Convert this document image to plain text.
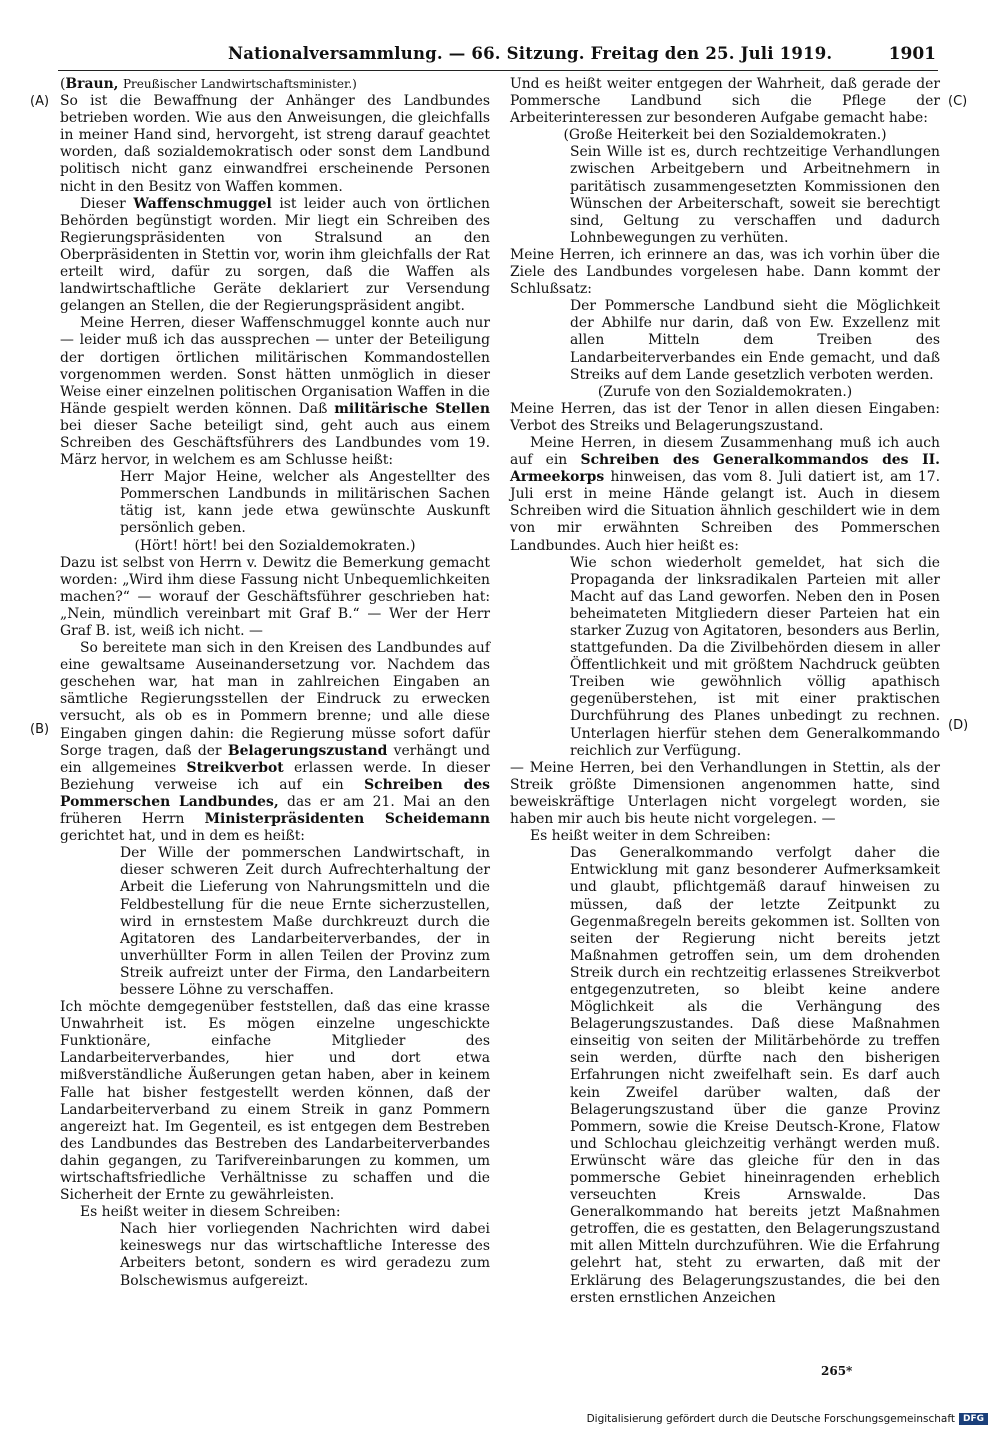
Nationalversammlung. — 66. Sitzung. Freitag den 25. Juli 1919.	1901
(A)
(B)
(C)
(D)

(Braun, Preußischer Landwirtschaftsminister.)

So ist die Bewaffnung der Anhänger des Landbundes betrieben worden. Wie aus den Anweisungen, die gleichfalls in meiner Hand sind, hervorgeht, ist streng darauf geachtet worden, daß sozialdemokratisch oder sonst dem Landbund politisch nicht ganz einwandfrei erscheinende Personen nicht in den Besitz von Waffen kommen.

Dieser Waffenschmuggel ist leider auch von örtlichen Behörden begünstigt worden. Mir liegt ein Schreiben des Regierungspräsidenten von Stralsund an den Oberpräsidenten in Stettin vor, worin ihm gleichfalls der Rat erteilt wird, dafür zu sorgen, daß die Waffen als landwirtschaftliche Geräte deklariert zur Versendung gelangen an Stellen, die der Regierungspräsident angibt.

Meine Herren, dieser Waffenschmuggel konnte auch nur — leider muß ich das aussprechen — unter der Beteiligung der dortigen örtlichen militärischen Kommandostellen vorgenommen werden. Sonst hätten unmöglich in dieser Weise einer einzelnen politischen Organisation Waffen in die Hände gespielt werden können. Daß militärische Stellen bei dieser Sache beteiligt sind, geht auch aus einem Schreiben des Geschäftsführers des Landbundes vom 19. März hervor, in welchem es am Schlusse heißt:

Herr Major Heine, welcher als Angestellter des Pommerschen Landbunds in militärischen Sachen tätig ist, kann jede etwa gewünschte Auskunft persönlich geben.

(Hört! hört! bei den Sozialdemokraten.)

Dazu ist selbst von Herrn v. Dewitz die Bemerkung gemacht worden: „Wird ihm diese Fassung nicht Unbequemlichkeiten machen?“ — worauf der Geschäftsführer geschrieben hat: „Nein, mündlich vereinbart mit Graf B.“ — Wer der Herr Graf B. ist, weiß ich nicht. —

So bereitete man sich in den Kreisen des Landbundes auf eine gewaltsame Auseinandersetzung vor. Nachdem das geschehen war, hat man in zahlreichen Eingaben an sämtliche Regierungsstellen der Eindruck zu erwecken versucht, als ob es in Pommern brenne; und alle diese Eingaben gingen dahin: die Regierung müsse sofort dafür Sorge tragen, daß der Belagerungszustand verhängt und ein allgemeines Streikverbot erlassen werde. In dieser Beziehung verweise ich auf ein Schreiben des Pommerschen Landbundes, das er am 21. Mai an den früheren Herrn Ministerpräsidenten Scheidemann gerichtet hat, und in dem es heißt:

Der Wille der pommerschen Landwirtschaft, in dieser schweren Zeit durch Aufrechterhaltung der Arbeit die Lieferung von Nahrungsmitteln und die Feldbestellung für die neue Ernte sicherzustellen, wird in ernstestem Maße durchkreuzt durch die Agitatoren des Landarbeiterverbandes, der in unverhüllter Form in allen Teilen der Provinz zum Streik aufreizt unter der Firma, den Landarbeitern bessere Löhne zu verschaffen.

Ich möchte demgegenüber feststellen, daß das eine krasse Unwahrheit ist. Es mögen einzelne ungeschickte Funktionäre, einfache Mitglieder des Landarbeiterverbandes, hier und dort etwa mißverständliche Äußerungen getan haben, aber in keinem Falle hat bisher festgestellt werden können, daß der Landarbeiterverband zu einem Streik in ganz Pommern angereizt hat. Im Gegenteil, es ist entgegen dem Bestreben des Landbundes das Bestreben des Landarbeiterverbandes dahin gegangen, zu Tarifvereinbarungen zu kommen, um wirtschaftsfriedliche Verhältnisse zu schaffen und die Sicherheit der Ernte zu gewährleisten.

Es heißt weiter in diesem Schreiben:

Nach hier vorliegenden Nachrichten wird dabei keineswegs nur das wirtschaftliche Interesse des Arbeiters betont, sondern es wird geradezu zum Bolschewismus aufgereizt.

Und es heißt weiter entgegen der Wahrheit, daß gerade der Pommersche Landbund sich die Pflege der Arbeiterinteressen zur besonderen Aufgabe gemacht habe:

(Große Heiterkeit bei den Sozialdemokraten.)

Sein Wille ist es, durch rechtzeitige Verhandlungen zwischen Arbeitgebern und Arbeitnehmern in paritätisch zusammengesetzten Kommissionen den Wünschen der Arbeiterschaft, soweit sie berechtigt sind, Geltung zu verschaffen und dadurch Lohnbewegungen zu verhüten.

Meine Herren, ich erinnere an das, was ich vorhin über die Ziele des Landbundes vorgelesen habe. Dann kommt der Schlußsatz:

Der Pommersche Landbund sieht die Möglichkeit der Abhilfe nur darin, daß von Ew. Exzellenz mit allen Mitteln dem Treiben des Landarbeiterverbandes ein Ende gemacht, und daß Streiks auf dem Lande gesetzlich verboten werden.

(Zurufe von den Sozialdemokraten.)

Meine Herren, das ist der Tenor in allen diesen Eingaben: Verbot des Streiks und Belagerungszustand.

Meine Herren, in diesem Zusammenhang muß ich auch auf ein Schreiben des Generalkommandos des II. Armeekorps hinweisen, das vom 8. Juli datiert ist, am 17. Juli erst in meine Hände gelangt ist. Auch in diesem Schreiben wird die Situation ähnlich geschildert wie in dem von mir erwähnten Schreiben des Pommerschen Landbundes. Auch hier heißt es:

Wie schon wiederholt gemeldet, hat sich die Propaganda der linksradikalen Parteien mit aller Macht auf das Land geworfen. Neben den in Posen beheimateten Mitgliedern dieser Parteien hat ein starker Zuzug von Agitatoren, besonders aus Berlin, stattgefunden. Da die Zivilbehörden diesem in aller Öffentlichkeit und mit größtem Nachdruck geübten Treiben wie gewöhnlich völlig apathisch gegenüberstehen, ist mit einer praktischen Durchführung des Planes unbedingt zu rechnen. Unterlagen hierfür stehen dem Generalkommando reichlich zur Verfügung.

— Meine Herren, bei den Verhandlungen in Stettin, als der Streik größte Dimensionen angenommen hatte, sind beweiskräftige Unterlagen nicht vorgelegt worden, sie haben mir auch bis heute nicht vorgelegen. —

Es heißt weiter in dem Schreiben:

Das Generalkommando verfolgt daher die Entwicklung mit ganz besonderer Aufmerksamkeit und glaubt, pflichtgemäß darauf hinweisen zu müssen, daß der letzte Zeitpunkt zu Gegenmaßregeln bereits gekommen ist. Sollten von seiten der Regierung nicht bereits jetzt Maßnahmen getroffen sein, um dem drohenden Streik durch ein rechtzeitig erlassenes Streikverbot entgegenzutreten, so bleibt keine andere Möglichkeit als die Verhängung des Belagerungszustandes. Daß diese Maßnahmen einseitig von seiten der Militärbehörde zu treffen sein werden, dürfte nach den bisherigen Erfahrungen nicht zweifelhaft sein. Es darf auch kein Zweifel darüber walten, daß der Belagerungszustand über die ganze Provinz Pommern, sowie die Kreise Deutsch-Krone, Flatow und Schlochau gleichzeitig verhängt werden muß. Erwünscht wäre das gleiche für den in das pommersche Gebiet hineinragenden erheblich verseuchten Kreis Arnswalde. Das Generalkommando hat bereits jetzt Maßnahmen getroffen, die es gestatten, den Belagerungszustand mit allen Mitteln durchzuführen. Wie die Erfahrung gelehrt hat, steht zu erwarten, daß mit der Erklärung des Belagerungszustandes, die bei den ersten ernstlichen Anzeichen

265*
Digitalisierung gefördert durch die Deutsche Forschungsgemeinschaft DFG
